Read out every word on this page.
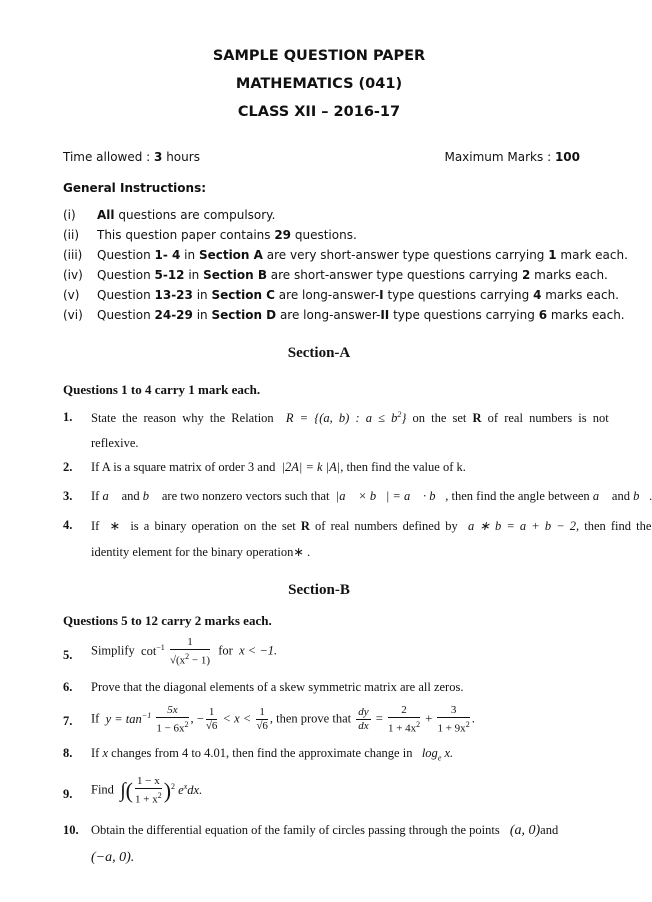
SAMPLE QUESTION PAPER
MATHEMATICS (041)
CLASS XII – 2016-17
Time allowed : 3 hours	Maximum Marks : 100
General Instructions:
(i) All questions are compulsory.
(ii) This question paper contains 29 questions.
(iii) Question 1- 4 in Section A are very short-answer type questions carrying 1 mark each.
(iv) Question 5-12 in Section B are short-answer type questions carrying 2 marks each.
(v) Question 13-23 in Section C are long-answer-I type questions carrying 4 marks each.
(vi) Question 24-29 in Section D are long-answer-II type questions carrying 6 marks each.
Section-A
Questions 1 to 4 carry 1 mark each.
1. State the reason why the Relation R = {(a, b) : $a \le b^2$} on the set R of real numbers is not
reflexive.
2. If A is a square matrix of order 3 and  |2A| = k |A|, then find the value of k.
3. If a⃗ and b⃗ are two nonzero vectors such that  |a⃗ × b⃗| = a⃗ · b⃗, then find the angle between a⃗ and b⃗.
4. If  ∗  is a binary operation on the set R of real numbers defined by  a ∗ b = a + b − 2, then find the
identity element for the binary operation∗ .
Section-B
Questions 5 to 12 carry 2 marks each.
5. Simplify  $\cot^{-1} \frac{1}{√(x^2 - 1)}$ for  x < −1.
6. Prove that the diagonal elements of a skew symmetric matrix are all zeros.
7. If  $y = \tan^{-1} \frac{5x}{1 - 6x^2}$ , − $\frac{1}{√6} < x < \frac{1}{√6}$ , then prove that $\frac{dy}{dx} = \frac{2}{1 + 4x^2} + \frac{3}{1 + 9x^2}$ .
8. If x changes from 4 to 4.01, then find the approximate change in   $\log_e x$.
9. Find ∫( $\frac{1 - x}{1 + x^2} )^2$ $e^xdx$.
10. Obtain the differential equation of the family of circles passing through the points   (a, 0)and
(−a, 0).
